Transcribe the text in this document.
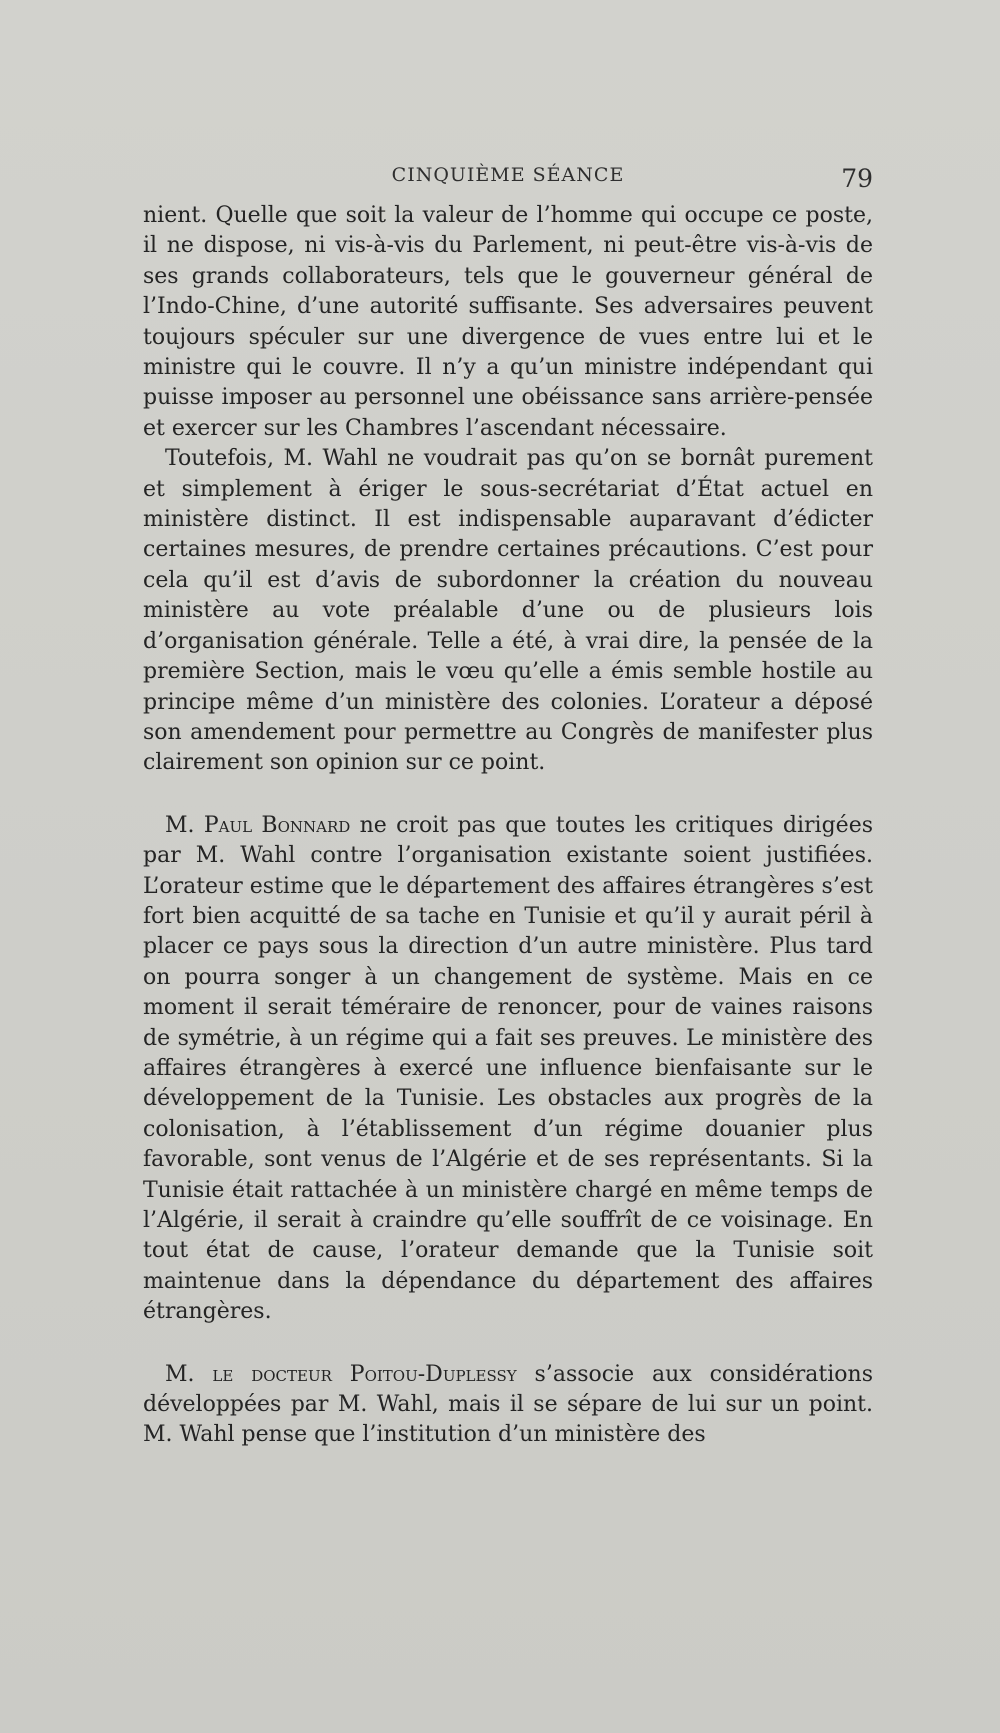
CINQUIÈME SÉANCE	79

nient. Quelle que soit la valeur de l’homme qui occupe ce poste, il ne dispose, ni vis-à-vis du Parlement, ni peut-être vis-à-vis de ses grands collaborateurs, tels que le gouverneur général de l’Indo-Chine, d’une autorité suffisante. Ses adversaires peuvent toujours spéculer sur une divergence de vues entre lui et le ministre qui le couvre. Il n’y a qu’un ministre indépendant qui puisse imposer au personnel une obéissance sans arrière-pensée et exercer sur les Chambres l’ascendant nécessaire.

Toutefois, M. Wahl ne voudrait pas qu’on se bornât purement et simplement à ériger le sous-secrétariat d’État actuel en ministère distinct. Il est indispensable auparavant d’édicter certaines mesures, de prendre certaines précautions. C’est pour cela qu’il est d’avis de subordonner la création du nouveau ministère au vote préalable d’une ou de plusieurs lois d’organisation générale. Telle a été, à vrai dire, la pensée de la première Section, mais le vœu qu’elle a émis semble hostile au principe même d’un ministère des colonies. L’orateur a déposé son amendement pour permettre au Congrès de manifester plus clairement son opinion sur ce point.

M. Paul Bonnard ne croit pas que toutes les critiques dirigées par M. Wahl contre l’organisation existante soient justifiées. L’orateur estime que le département des affaires étrangères s’est fort bien acquitté de sa tache en Tunisie et qu’il y aurait péril à placer ce pays sous la direction d’un autre ministère. Plus tard on pourra songer à un changement de système. Mais en ce moment il serait téméraire de renoncer, pour de vaines raisons de symétrie, à un régime qui a fait ses preuves. Le ministère des affaires étrangères à exercé une influence bienfaisante sur le développement de la Tunisie. Les obstacles aux progrès de la colonisation, à l’établissement d’un régime douanier plus favorable, sont venus de l’Algérie et de ses représentants. Si la Tunisie était rattachée à un ministère chargé en même temps de l’Algérie, il serait à craindre qu’elle souffrît de ce voisinage. En tout état de cause, l’orateur demande que la Tunisie soit maintenue dans la dépendance du département des affaires étrangères.

M. le docteur Poitou-Duplessy s’associe aux considérations développées par M. Wahl, mais il se sépare de lui sur un point. M. Wahl pense que l’institution d’un ministère des
